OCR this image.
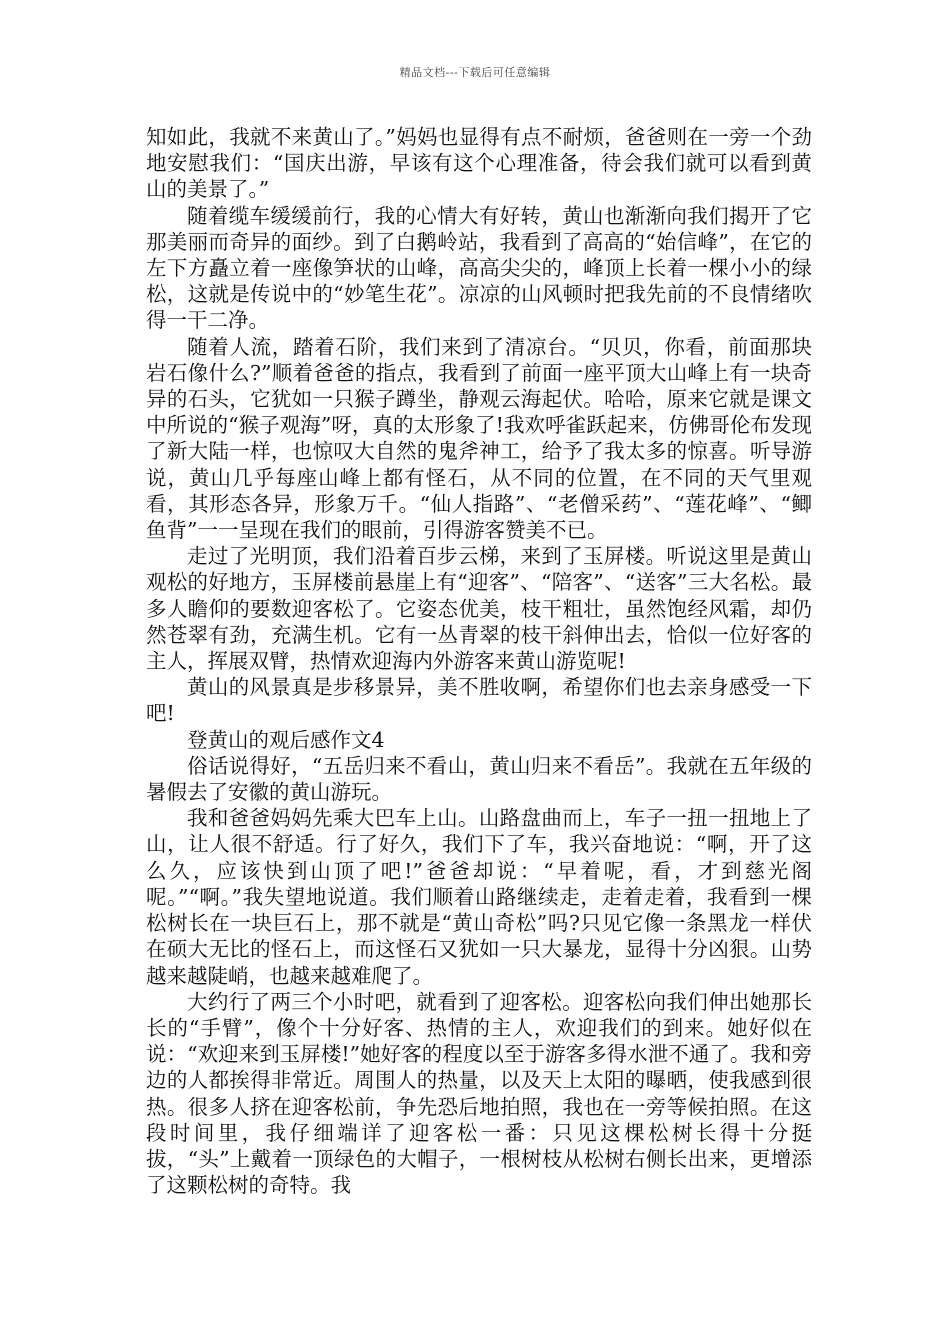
精品文档---下载后可任意编辑

知如此，我就不来黄山了。”妈妈也显得有点不耐烦，爸爸则在一旁一个劲地安慰我们：“国庆出游，早该有这个心理准备，待会我们就可以看到黄山的美景了。”

随着缆车缓缓前行，我的心情大有好转，黄山也渐渐向我们揭开了它那美丽而奇异的面纱。到了白鹅岭站，我看到了高高的“始信峰”，在它的左下方矗立着一座像笋状的山峰，高高尖尖的，峰顶上长着一棵小小的绿松，这就是传说中的“妙笔生花”。凉凉的山风顿时把我先前的不良情绪吹得一干二净。

随着人流，踏着石阶，我们来到了清凉台。“贝贝，你看，前面那块岩石像什么?”顺着爸爸的指点，我看到了前面一座平顶大山峰上有一块奇异的石头，它犹如一只猴子蹲坐，静观云海起伏。哈哈，原来它就是课文中所说的“猴子观海”呀，真的太形象了!我欢呼雀跃起来，仿佛哥伦布发现了新大陆一样，也惊叹大自然的鬼斧神工，给予了我太多的惊喜。听导游说，黄山几乎每座山峰上都有怪石，从不同的位置，在不同的天气里观看，其形态各异，形象万千。“仙人指路”、“老僧采药”、“莲花峰”、“鲫鱼背”一一呈现在我们的眼前，引得游客赞美不已。

走过了光明顶，我们沿着百步云梯，来到了玉屏楼。听说这里是黄山观松的好地方，玉屏楼前悬崖上有“迎客”、“陪客”、“送客”三大名松。最多人瞻仰的要数迎客松了。它姿态优美，枝干粗壮，虽然饱经风霜，却仍然苍翠有劲，充满生机。它有一丛青翠的枝干斜伸出去，恰似一位好客的主人，挥展双臂，热情欢迎海内外游客来黄山游览呢!

黄山的风景真是步移景异，美不胜收啊，希望你们也去亲身感受一下吧!

登黄山的观后感作文4

俗话说得好，“五岳归来不看山，黄山归来不看岳”。我就在五年级的暑假去了安徽的黄山游玩。

我和爸爸妈妈先乘大巴车上山。山路盘曲而上，车子一扭一扭地上了山，让人很不舒适。行了好久，我们下了车，我兴奋地说：“啊，开了这么久，应该快到山顶了吧!”爸爸却说：“早着呢，看，才到慈光阁呢。”“啊。”我失望地说道。我们顺着山路继续走，走着走着，我看到一棵松树长在一块巨石上，那不就是“黄山奇松”吗?只见它像一条黑龙一样伏在硕大无比的怪石上，而这怪石又犹如一只大暴龙，显得十分凶狠。山势越来越陡峭，也越来越难爬了。

大约行了两三个小时吧，就看到了迎客松。迎客松向我们伸出她那长长的“手臂”，像个十分好客、热情的主人，欢迎我们的到来。她好似在说：“欢迎来到玉屏楼!”她好客的程度以至于游客多得水泄不通了。我和旁边的人都挨得非常近。周围人的热量，以及天上太阳的曝晒，使我感到很热。很多人挤在迎客松前，争先恐后地拍照，我也在一旁等候拍照。在这段时间里，我仔细端详了迎客松一番：只见这棵松树长得十分挺拔，“头”上戴着一顶绿色的大帽子，一根树枝从松树右侧长出来，更增添了这颗松树的奇特。我
